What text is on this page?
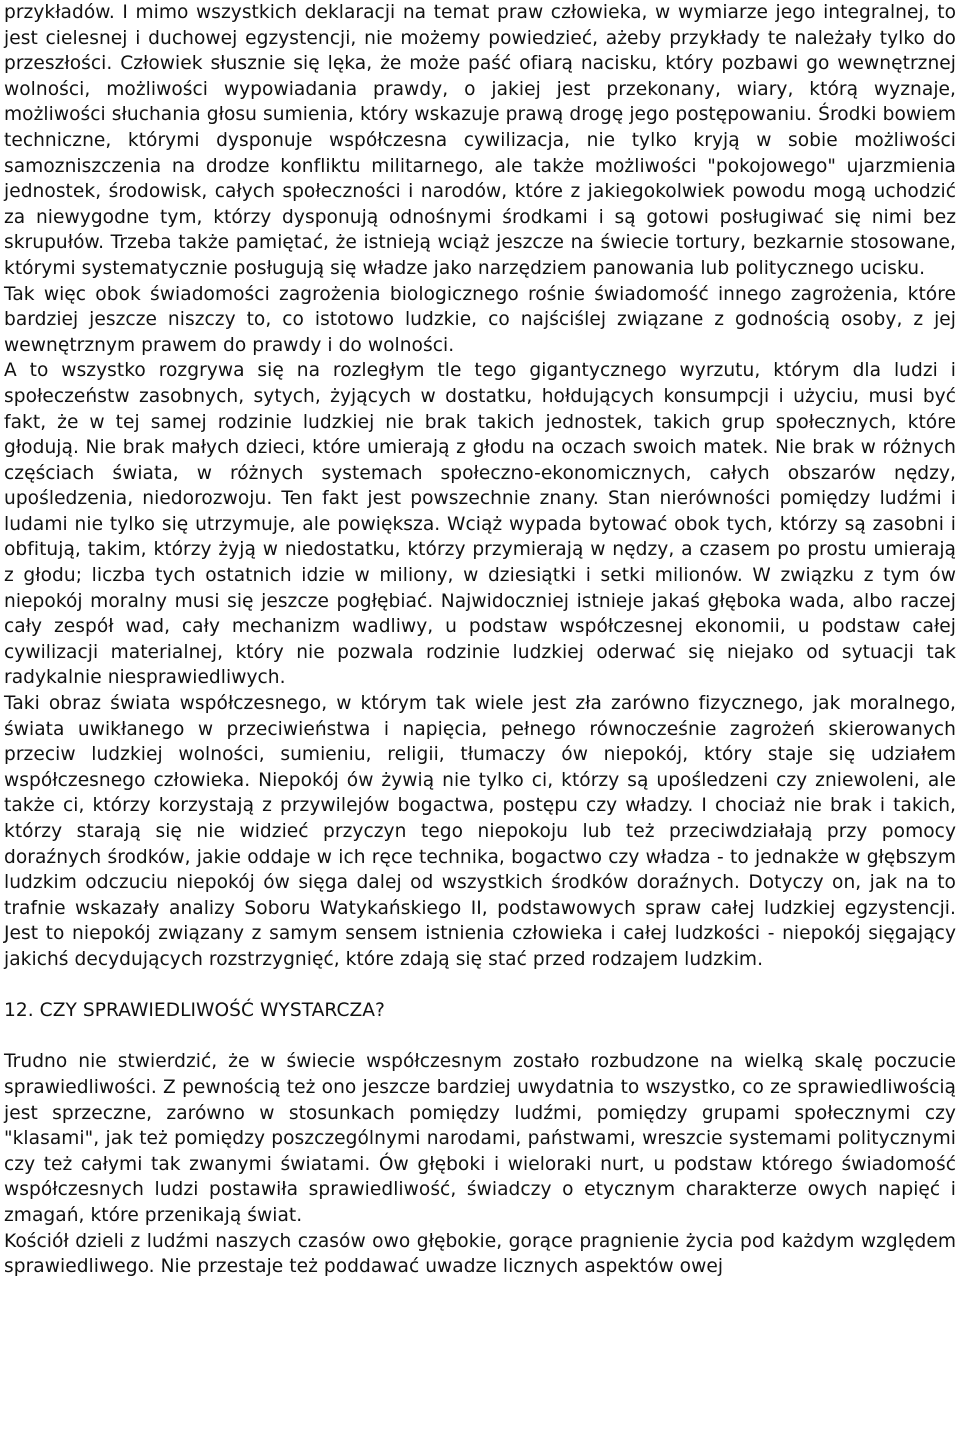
przykładów. I mimo wszystkich deklaracji na temat praw człowieka, w wymiarze jego integralnej, to jest cielesnej i duchowej egzystencji, nie możemy powiedzieć, ażeby przykłady te należały tylko do przeszłości. Człowiek słusznie się lęka, że może paść ofiarą nacisku, który pozbawi go wewnętrznej wolności, możliwości wypowiadania prawdy, o jakiej jest przekonany, wiary, którą wyznaje, możliwości słuchania głosu sumienia, który wskazuje prawą drogę jego postępowaniu. Środki bowiem techniczne, którymi dysponuje współczesna cywilizacja, nie tylko kryją w sobie możliwości samozniszczenia na drodze konfliktu militarnego, ale także możliwości "pokojowego" ujarzmienia jednostek, środowisk, całych społeczności i narodów, które z jakiegokolwiek powodu mogą uchodzić za niewygodne tym, którzy dysponują odnośnymi środkami i są gotowi posługiwać się nimi bez skrupułów. Trzeba także pamiętać, że istnieją wciąż jeszcze na świecie tortury, bezkarnie stosowane, którymi systematycznie posługują się władze jako narzędziem panowania lub politycznego ucisku.

Tak więc obok świadomości zagrożenia biologicznego rośnie świadomość innego zagrożenia, które bardziej jeszcze niszczy to, co istotowo ludzkie, co najściślej związane z godnością osoby, z jej wewnętrznym prawem do prawdy i do wolności.

A to wszystko rozgrywa się na rozległym tle tego gigantycznego wyrzutu, którym dla ludzi i społeczeństw zasobnych, sytych, żyjących w dostatku, hołdujących konsumpcji i użyciu, musi być fakt, że w tej samej rodzinie ludzkiej nie brak takich jednostek, takich grup społecznych, które głodują. Nie brak małych dzieci, które umierają z głodu na oczach swoich matek. Nie brak w różnych częściach świata, w różnych systemach społeczno-ekonomicznych, całych obszarów nędzy, upośledzenia, niedorozwoju. Ten fakt jest powszechnie znany. Stan nierówności pomiędzy ludźmi i ludami nie tylko się utrzymuje, ale powiększa. Wciąż wypada bytować obok tych, którzy są zasobni i obfitują, takim, którzy żyją w niedostatku, którzy przymierają w nędzy, a czasem po prostu umierają z głodu; liczba tych ostatnich idzie w miliony, w dziesiątki i setki milionów. W związku z tym ów niepokój moralny musi się jeszcze pogłębiać. Najwidoczniej istnieje jakaś głęboka wada, albo raczej cały zespół wad, cały mechanizm wadliwy, u podstaw współczesnej ekonomii, u podstaw całej cywilizacji materialnej, który nie pozwala rodzinie ludzkiej oderwać się niejako od sytuacji tak radykalnie niesprawiedliwych.

Taki obraz świata współczesnego, w którym tak wiele jest zła zarówno fizycznego, jak moralnego, świata uwikłanego w przeciwieństwa i napięcia, pełnego równocześnie zagrożeń skierowanych przeciw ludzkiej wolności, sumieniu, religii, tłumaczy ów niepokój, który staje się udziałem współczesnego człowieka. Niepokój ów żywią nie tylko ci, którzy są upośledzeni czy zniewoleni, ale także ci, którzy korzystają z przywilejów bogactwa, postępu czy władzy. I chociaż nie brak i takich, którzy starają się nie widzieć przyczyn tego niepokoju lub też przeciwdziałają przy pomocy doraźnych środków, jakie oddaje w ich ręce technika, bogactwo czy władza - to jednakże w głębszym ludzkim odczuciu niepokój ów sięga dalej od wszystkich środków doraźnych. Dotyczy on, jak na to trafnie wskazały analizy Soboru Watykańskiego II, podstawowych spraw całej ludzkiej egzystencji. Jest to niepokój związany z samym sensem istnienia człowieka i całej ludzkości - niepokój sięgający jakichś decydujących rozstrzygnięć, które zdają się stać przed rodzajem ludzkim.

12. CZY SPRAWIEDLIWOŚĆ WYSTARCZA?

Trudno nie stwierdzić, że w świecie współczesnym zostało rozbudzone na wielką skalę poczucie sprawiedliwości. Z pewnością też ono jeszcze bardziej uwydatnia to wszystko, co ze sprawiedliwością jest sprzeczne, zarówno w stosunkach pomiędzy ludźmi, pomiędzy grupami społecznymi czy "klasami", jak też pomiędzy poszczególnymi narodami, państwami, wreszcie systemami politycznymi czy też całymi tak zwanymi światami. Ów głęboki i wieloraki nurt, u podstaw którego świadomość współczesnych ludzi postawiła sprawiedliwość, świadczy o etycznym charakterze owych napięć i zmagań, które przenikają świat.

Kościół dzieli z ludźmi naszych czasów owo głębokie, gorące pragnienie życia pod każdym względem sprawiedliwego. Nie przestaje też poddawać uwadze licznych aspektów owej
